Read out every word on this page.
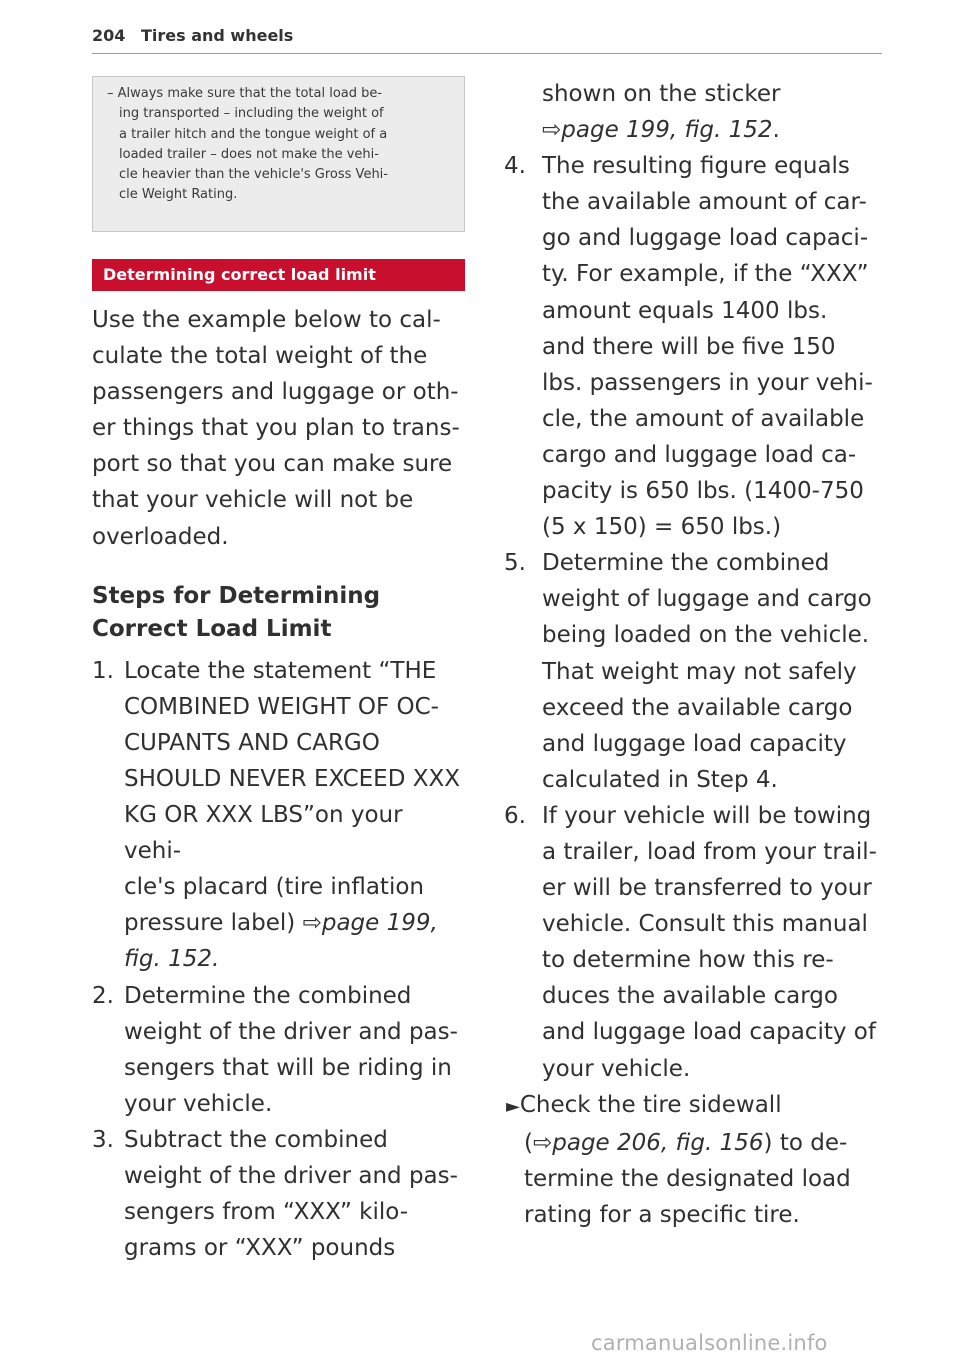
204 Tires and wheels

– Always make sure that the total load be-

ing transported – including the weight of

a trailer hitch and the tongue weight of a

loaded trailer – does not make the vehi-

cle heavier than the vehicle's Gross Vehi-

cle Weight Rating.

Determining correct load limit

Use the example below to cal-

culate the total weight of the

passengers and luggage or oth-

er things that you plan to trans-

port so that you can make sure

that your vehicle will not be

overloaded.

Steps for Determining
Correct Load Limit
1. Locate the statement “THE

COMBINED WEIGHT OF OC-

CUPANTS AND CARGO

SHOULD NEVER EXCEED XXX

KG OR XXX LBS”on your vehi-

cle's placard (tire inflation

pressure label) ⇨page 199,

fig. 152.

2. Determine the combined

weight of the driver and pas-

sengers that will be riding in

your vehicle.

3. Subtract the combined

weight of the driver and pas-

sengers from “XXX” kilo-

grams or “XXX” pounds

shown on the sticker

⇨page 199, fig. 152.

4. The resulting figure equals

the available amount of car-

go and luggage load capaci-

ty. For example, if the “XXX”

amount equals 1400 lbs.

and there will be five 150

lbs. passengers in your vehi-

cle, the amount of available

cargo and luggage load ca-

pacity is 650 lbs. (1400-750

(5 x 150) = 650 lbs.)

5. Determine the combined

weight of luggage and cargo

being loaded on the vehicle.

That weight may not safely

exceed the available cargo

and luggage load capacity

calculated in Step 4.

6. If your vehicle will be towing

a trailer, load from your trail-

er will be transferred to your

vehicle. Consult this manual

to determine how this re-

duces the available cargo

and luggage load capacity of

your vehicle.

►Check the tire sidewall

(⇨page 206, fig. 156) to de-

termine the designated load

rating for a specific tire.

carmanualsonline.info
